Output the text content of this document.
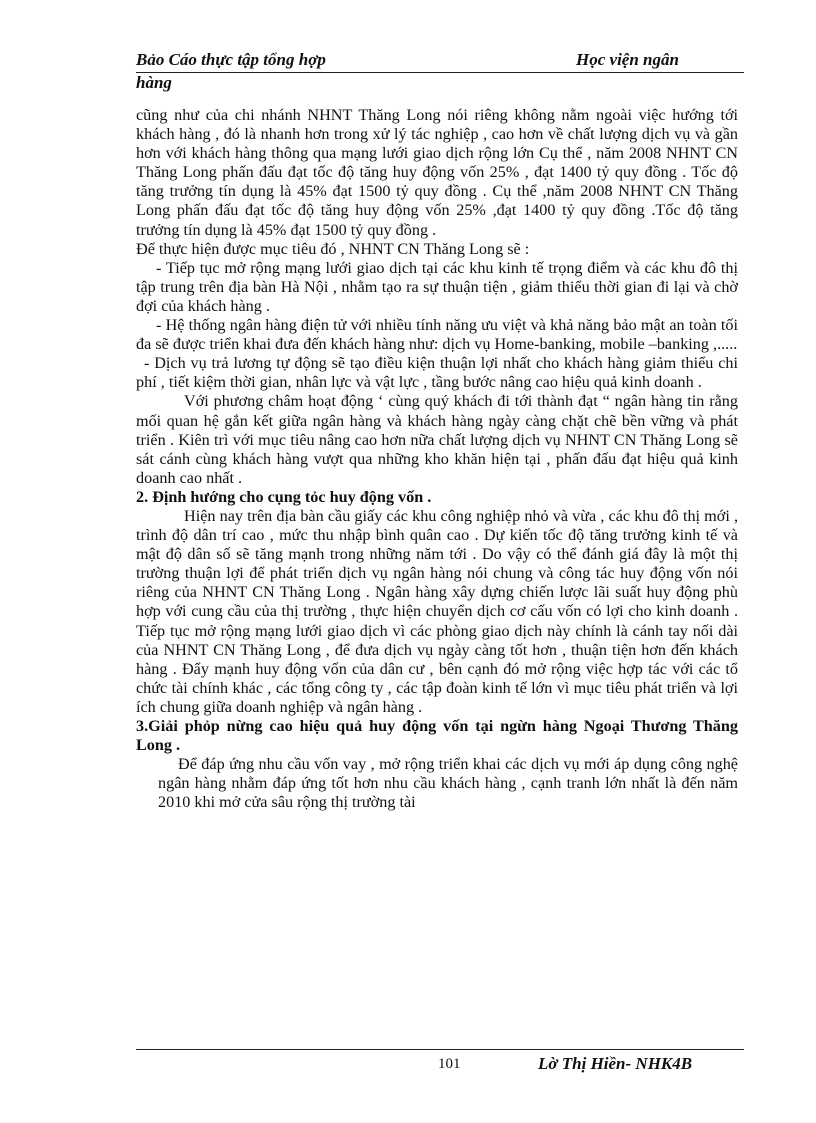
Bảo Cáo thực tập tổng hợp	Học viện ngân
hàng

cũng như của chi nhánh NHNT Thăng Long nói riêng không nằm ngoài việc hướng tới khách hàng , đó là nhanh hơn trong xử lý tác nghiệp , cao hơn về chất lượng dịch vụ và gần hơn với khách hàng thông qua mạng lưới giao dịch rộng lớn Cụ thể , năm 2008 NHNT CN Thăng Long phấn đấu đạt tốc độ tăng huy động vốn 25% , đạt 1400 tỷ quy đồng . Tốc độ tăng trưởng tín dụng là 45% đạt 1500 tỷ quy đồng . Cụ thể ,năm 2008 NHNT CN Thăng Long phấn đấu đạt tốc độ tăng huy động vốn 25% ,đạt 1400 tỷ quy đồng .Tốc độ tăng trưởng tín dụng là 45% đạt 1500 tỷ quy đồng .

Để thực hiện được mục tiêu đó , NHNT CN Thăng Long sẽ :

- Tiếp tục mở rộng mạng lưới giao dịch tại các khu kinh tế trọng điểm và các khu đô thị tập trung trên địa bàn Hà Nội , nhằm tạo ra sự thuận tiện , giảm thiểu thời gian đi lại và chờ đợi của khách hàng .

- Hệ thống ngân hàng điện tử với nhiều tính năng ưu việt và khả năng bảo mật an toàn tối đa sẽ được triển khai đưa đến khách hàng như: dịch vụ Home-banking, mobile –banking ,.....

- Dịch vụ trả lương tự động sẽ tạo điều kiện thuận lợi nhất cho khách hàng giảm thiểu chi phí , tiết kiệm thời gian, nhân lực và vật lực , tầng bước nâng cao hiệu quả kinh doanh .

Với phương châm hoạt động ‘ cùng quý khách đi tới thành đạt “ ngân hàng tin rằng mối quan hệ gắn kết giữa ngân hàng và khách hàng ngày càng chặt chẽ bền vững và phát triển . Kiên trì với mục tiêu nâng cao hơn nữa chất lượng dịch vụ NHNT CN Thăng Long sẽ sát cánh cùng khách hàng vượt qua những kho khăn hiện tại , phấn đấu đạt hiệu quả kinh doanh cao nhất .

2. Định hướng cho cụng tỏc huy động vốn .

Hiện nay trên địa bàn cầu giấy các khu công nghiệp nhỏ và vừa , các khu đô thị mới , trình độ dân trí cao , mức thu nhập bình quân cao . Dự kiến tốc độ tăng trưởng kinh tế và mật độ dân số sẽ tăng mạnh trong những năm tới . Do vậy có thể đánh giá đây là một thị trường thuận lợi để phát triển dịch vụ ngân hàng nói chung và công tác huy động vốn nói riêng của NHNT CN Thăng Long . Ngân hàng xây dựng chiến lược lãi suất huy động phù hợp với cung cầu của thị trường , thực hiện chuyển dịch cơ cấu vốn có lợi cho kinh doanh . Tiếp tục mở rộng mạng lưới giao dịch vì các phòng giao dịch này chính là cánh tay nối dài của NHNT CN Thăng Long , để đưa dịch vụ ngày càng tốt hơn , thuận tiện hơn đến khách hàng . Đẩy mạnh huy động vốn của dân cư , bên cạnh đó mở rộng việc hợp tác với các tổ chức tài chính khác , các tổng công ty , các tập đoàn kinh tế lớn vì mục tiêu phát triển và lợi ích chung giữa doanh nghiệp và ngân hàng .

3.Giải phỏp nừng cao hiệu quả huy động vốn tại ngừn hàng Ngoại Thương Thăng Long .

Để đáp ứng nhu cầu vốn vay , mở rộng triển khai các dịch vụ mới áp dụng công nghệ ngân hàng nhằm đáp ứng tốt hơn nhu cầu khách hàng , cạnh tranh lớn nhất là đến năm 2010 khi mở cửa sâu rộng thị trường tài

101	Lờ Thị Hiền- NHK4B
